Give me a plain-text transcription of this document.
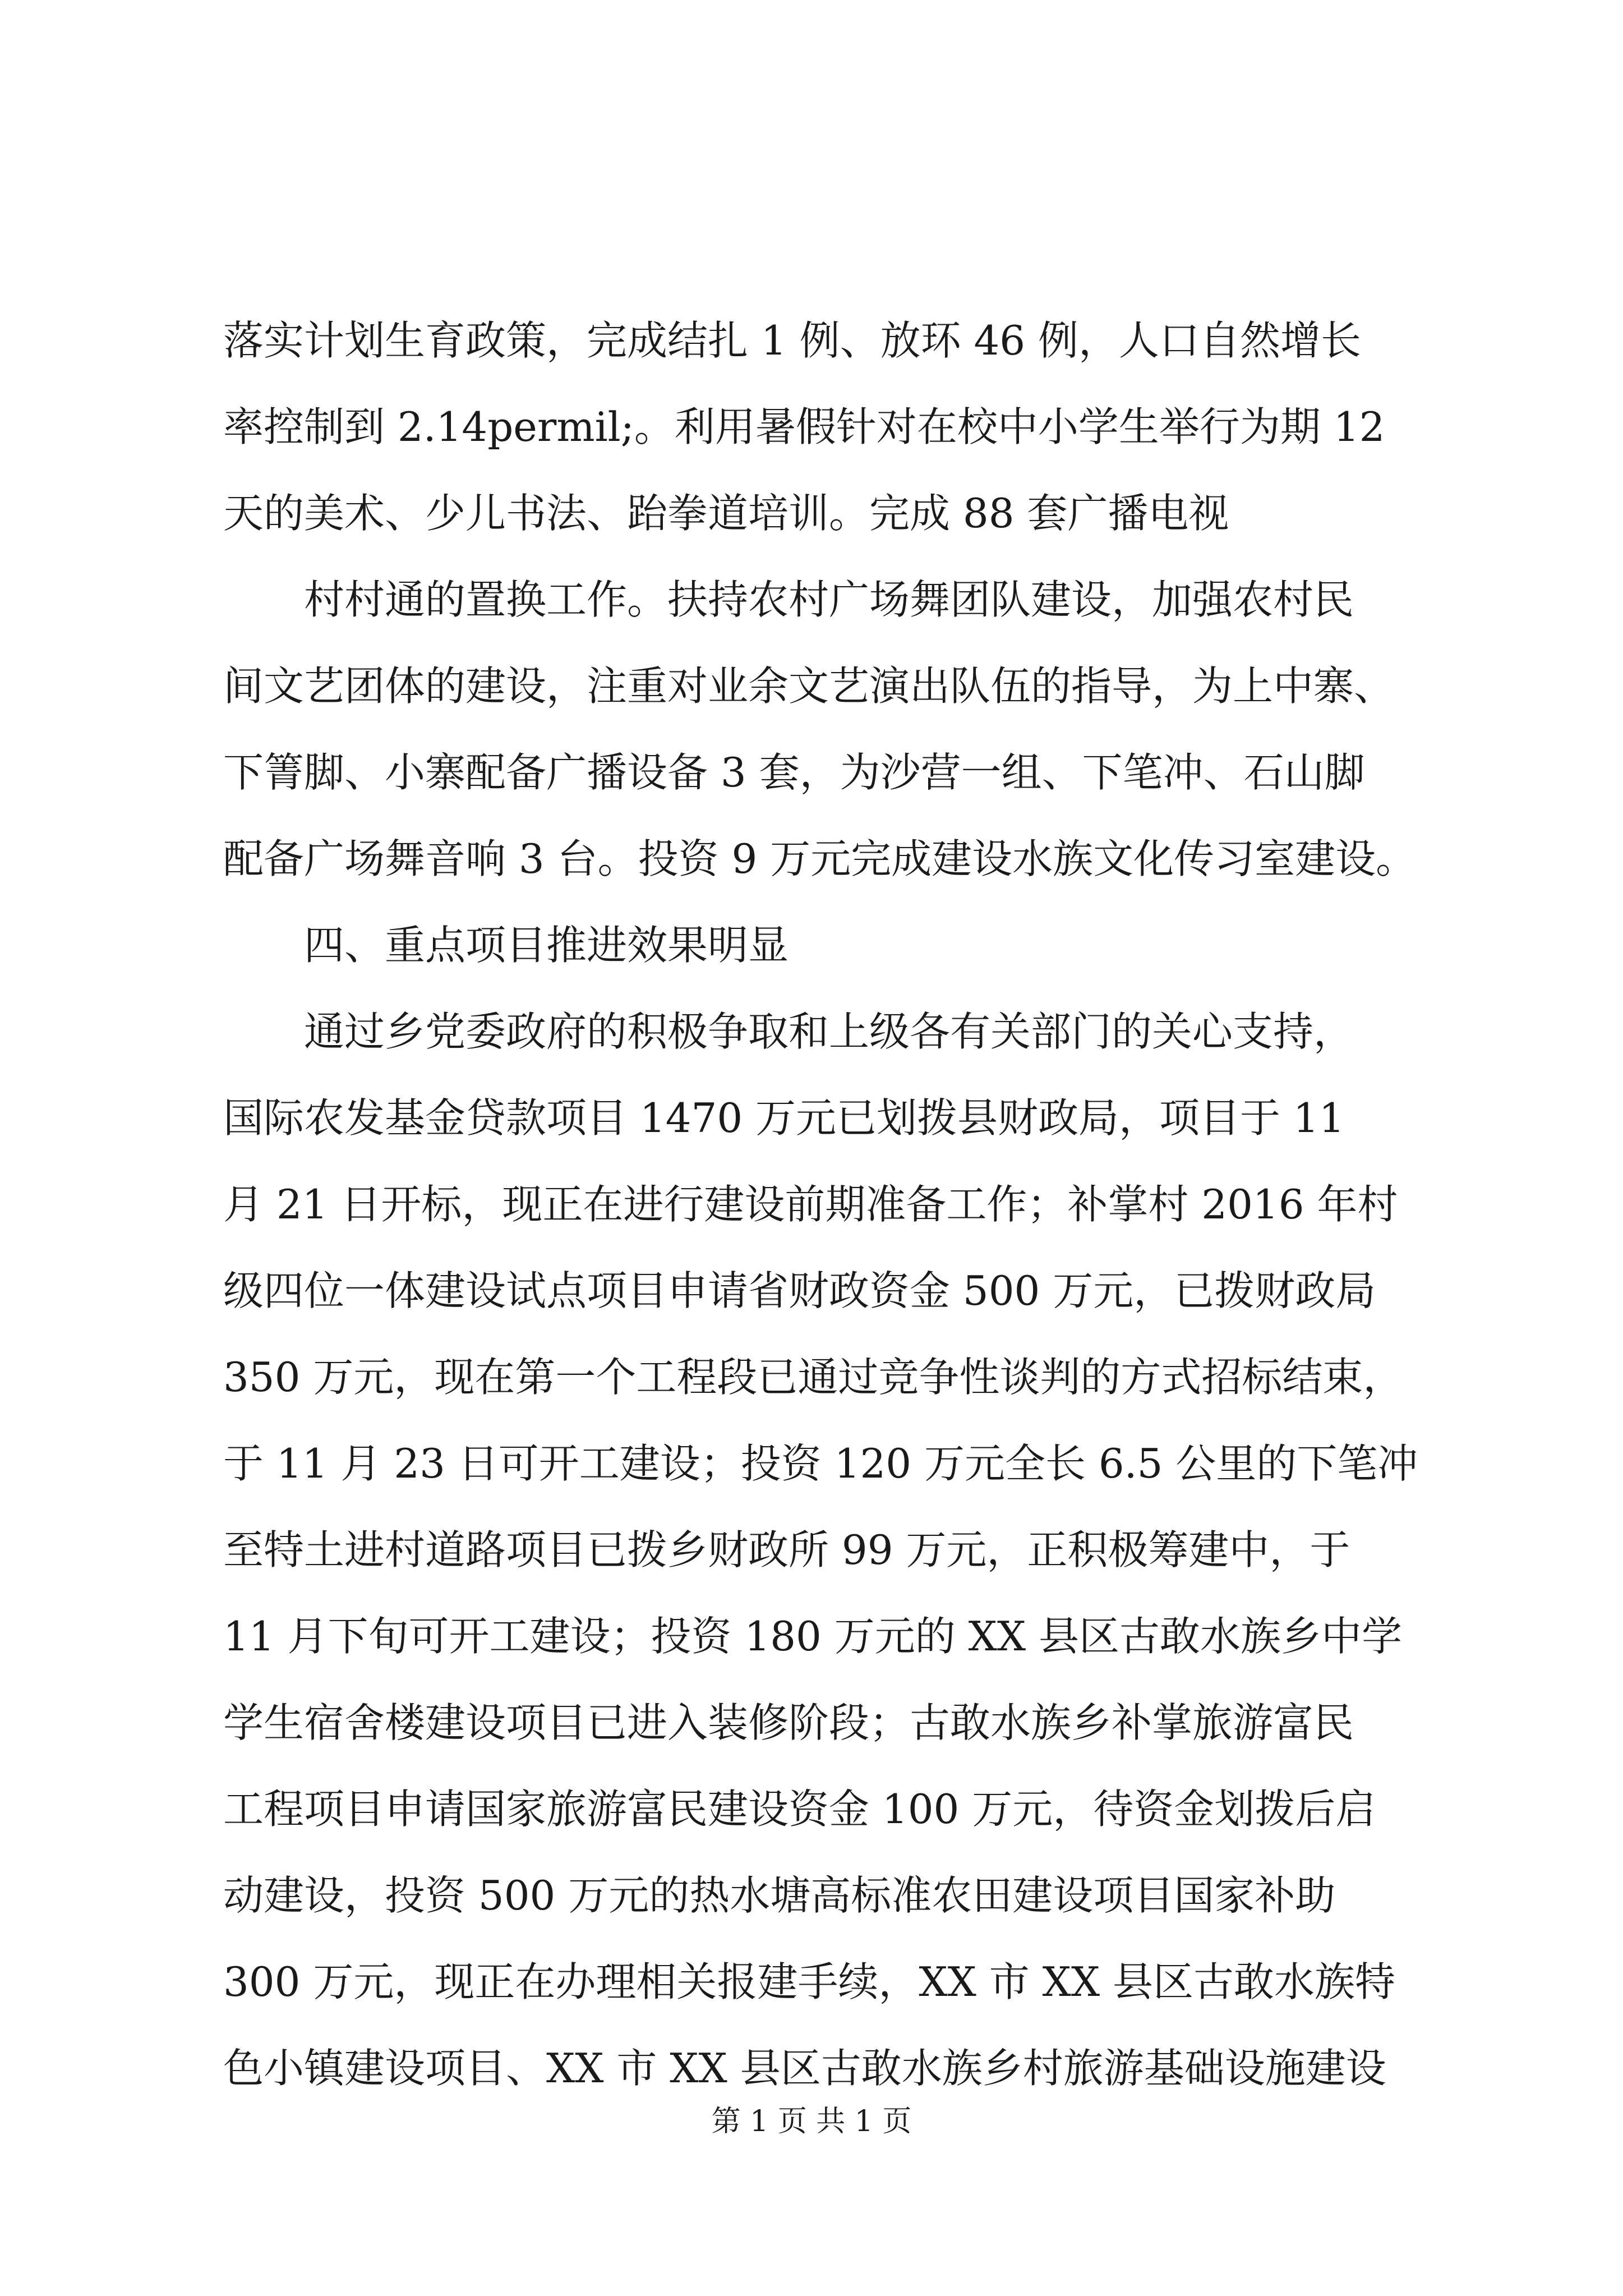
落实计划生育政策，完成结扎 1 例、放环 46 例，人口自然增长
率控制到 2.14permil;。利用暑假针对在校中小学生举行为期 12
天的美术、少儿书法、跆拳道培训。完成 88 套广播电视
　　村村通的置换工作。扶持农村广场舞团队建设，加强农村民
间文艺团体的建设，注重对业余文艺演出队伍的指导，为上中寨、
下箐脚、小寨配备广播设备 3 套，为沙营一组、下笔冲、石山脚
配备广场舞音响 3 台。投资 9 万元完成建设水族文化传习室建设。
　　四、重点项目推进效果明显
　　通过乡党委政府的积极争取和上级各有关部门的关心支持，
国际农发基金贷款项目 1470 万元已划拨县财政局，项目于 11
月 21 日开标，现正在进行建设前期准备工作；补掌村 2016 年村
级四位一体建设试点项目申请省财政资金 500 万元，已拨财政局
350 万元，现在第一个工程段已通过竞争性谈判的方式招标结束，
于 11 月 23 日可开工建设；投资 120 万元全长 6.5 公里的下笔冲
至特土进村道路项目已拨乡财政所 99 万元，正积极筹建中，于
11 月下旬可开工建设；投资 180 万元的 XX 县区古敢水族乡中学
学生宿舍楼建设项目已进入装修阶段；古敢水族乡补掌旅游富民
工程项目申请国家旅游富民建设资金 100 万元，待资金划拨后启
动建设，投资 500 万元的热水塘高标准农田建设项目国家补助
300 万元，现正在办理相关报建手续，XX 市 XX 县区古敢水族特
色小镇建设项目、XX 市 XX 县区古敢水族乡村旅游基础设施建设
第 1 页 共 1 页
